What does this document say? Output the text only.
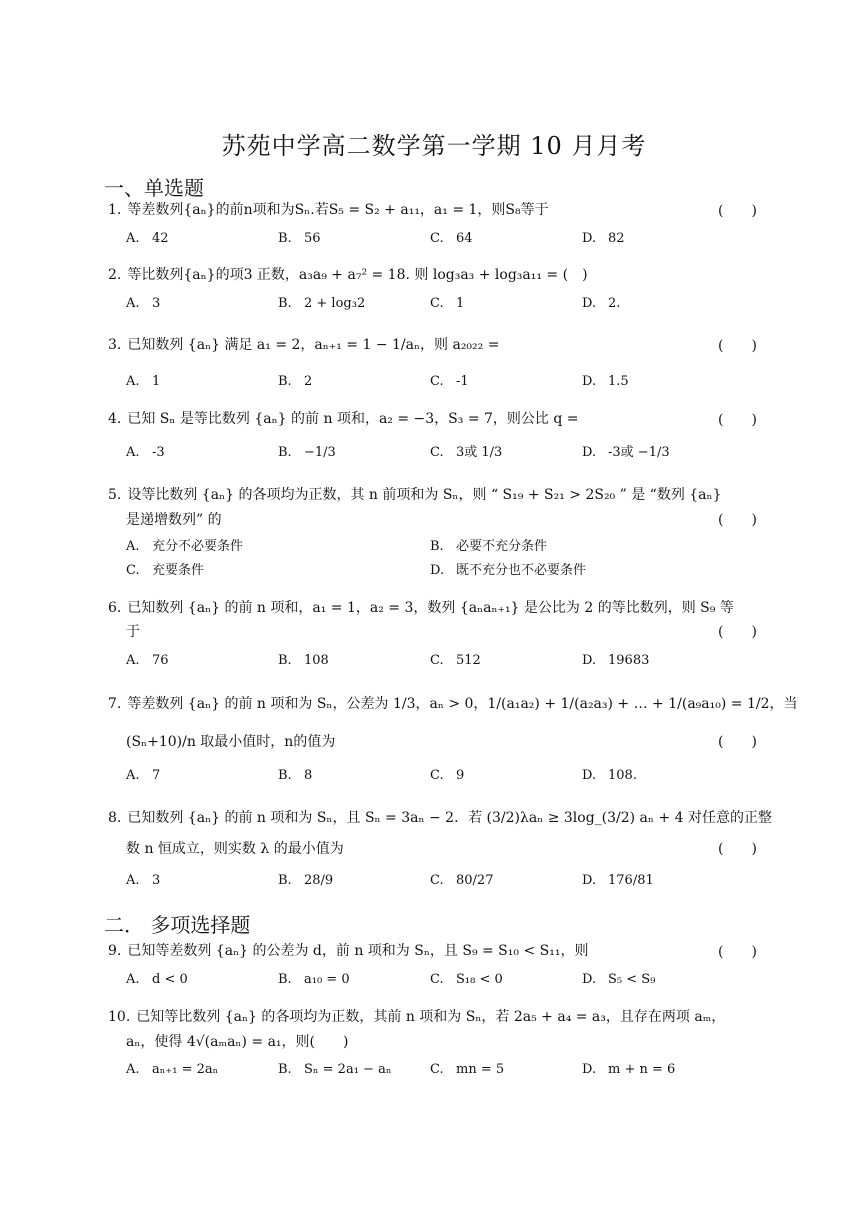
苏苑中学高二数学第一学期 10 月月考
一、单选题
1. 等差数列{aₙ}的前n项和为Sₙ.若S₅ = S₂ + a₁₁，a₁ = 1，则S₈等于	(　　)
A. 42	B. 56	C. 64	D. 82
2. 等比数列{aₙ}的项3 正数，a₃a₉ + a₇² = 18. 则 log₃a₃ + log₃a₁₁ = (　)
A. 3	B. 2 + log₃2	C. 1	D. 2.
3. 已知数列 {aₙ} 满足 a₁ = 2，aₙ₊₁ = 1 − 1/aₙ，则 a₂₀₂₂ =	(　　)
A. 1	B. 2	C. -1	D. 1.5
4. 已知 Sₙ 是等比数列 {aₙ} 的前 n 项和，a₂ = −3，S₃ = 7，则公比 q =	(　　)
A. -3	B. −1/3	C. 3或 1/3	D. -3或 −1/3
5. 设等比数列 {aₙ} 的各项均为正数，其 n 前项和为 Sₙ，则 “ S₁₉ + S₂₁ > 2S₂₀ ” 是 “数列 {aₙ}
是递增数列” 的	(　　)
A. 充分不必要条件	B. 必要不充分条件
C. 充要条件	D. 既不充分也不必要条件
6. 已知数列 {aₙ} 的前 n 项和，a₁ = 1，a₂ = 3，数列 {aₙaₙ₊₁} 是公比为 2 的等比数列，则 S₉ 等
于	(　　)
A. 76	B. 108	C. 512	D. 19683
7. 等差数列 {aₙ} 的前 n 项和为 Sₙ，公差为 1/3，aₙ > 0，1/(a₁a₂) + 1/(a₂a₃) + … + 1/(a₉a₁₀) = 1/2，当
(Sₙ+10)/n 取最小值时，n的值为	(　　)
A. 7	B. 8	C. 9	D. 108.
8. 已知数列 {aₙ} 的前 n 项和为 Sₙ，且 Sₙ = 3aₙ − 2．若 (3/2)λaₙ ≥ 3log_(3/2) aₙ + 4 对任意的正整
数 n 恒成立，则实数 λ 的最小值为	(　　)
A. 3	B. 28/9	C. 80/27	D. 176/81
二． 多项选择题
9. 已知等差数列 {aₙ} 的公差为 d，前 n 项和为 Sₙ，且 S₉ = S₁₀ < S₁₁，则	(　　)
A. d < 0	B. a₁₀ = 0	C. S₁₈ < 0	D. S₅ < S₉
10. 已知等比数列 {aₙ} 的各项均为正数，其前 n 项和为 Sₙ，若 2a₅ + a₄ = a₃，且存在两项 aₘ，
aₙ，使得 4√(aₘaₙ) = a₁，则(　　)
A. aₙ₊₁ = 2aₙ	B. Sₙ = 2a₁ − aₙ	C. mn = 5	D. m + n = 6
